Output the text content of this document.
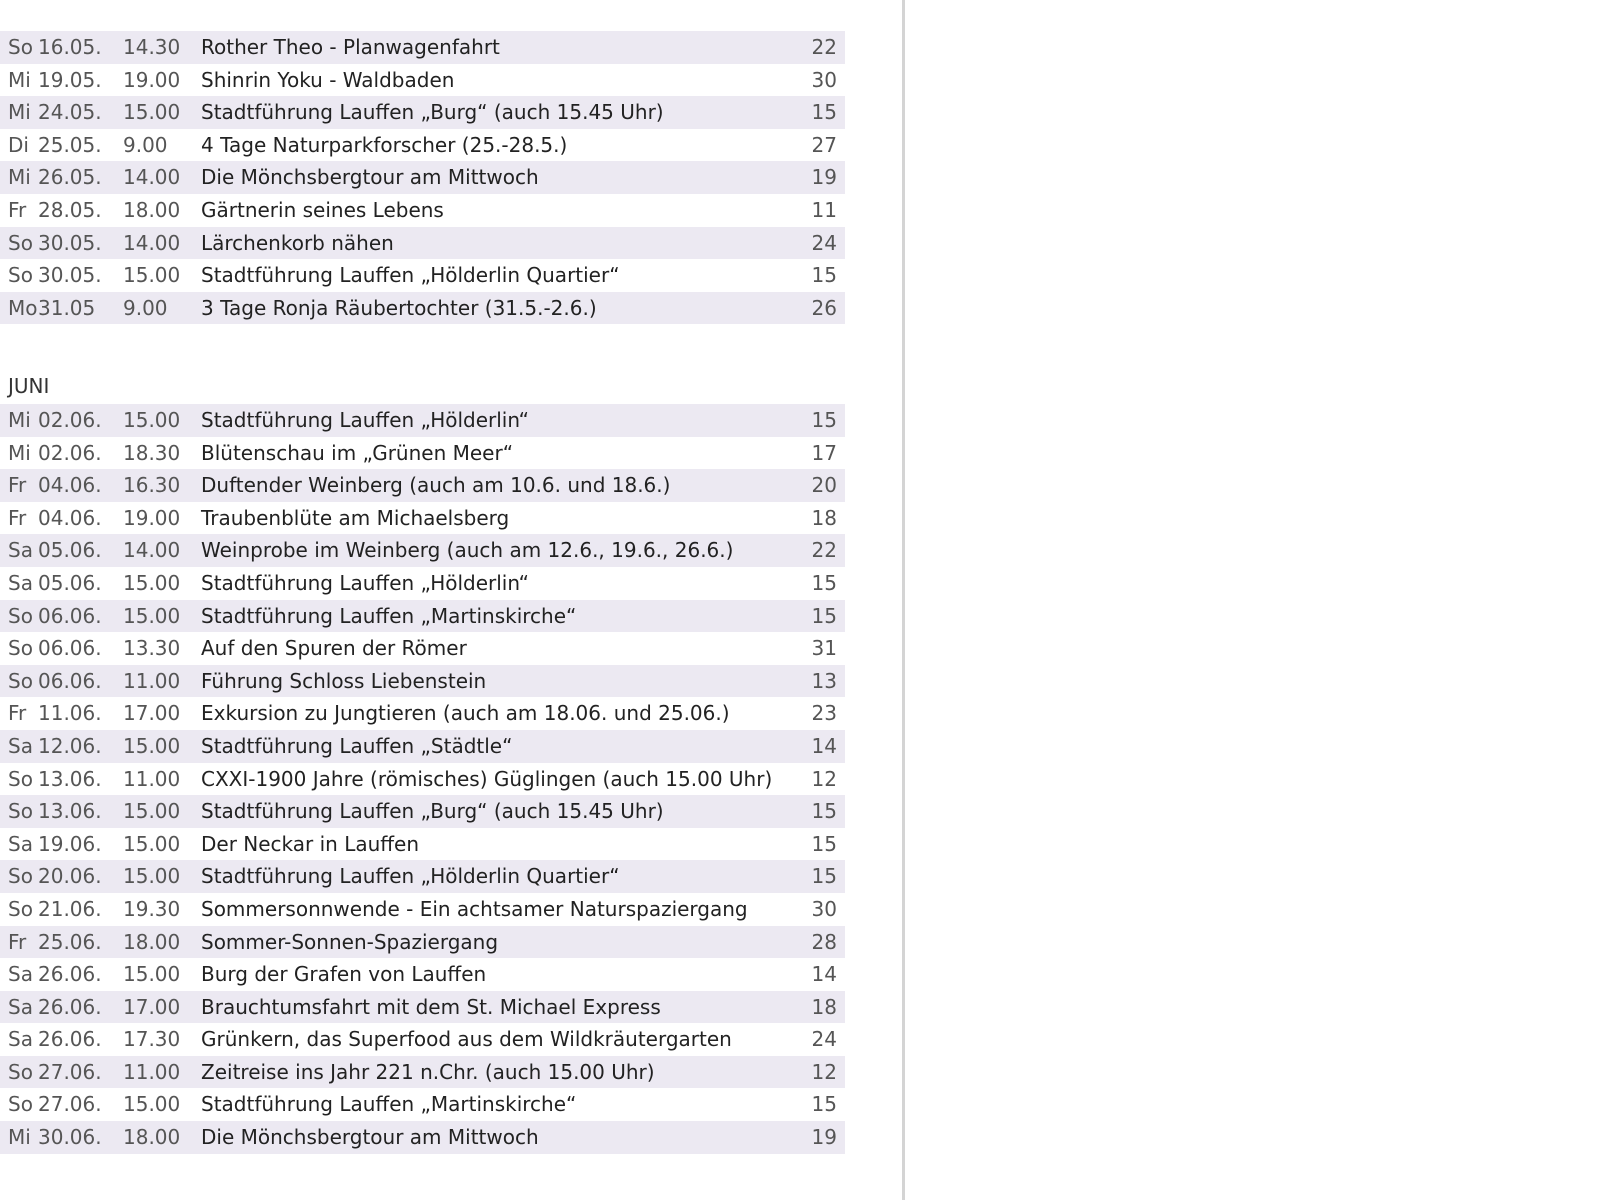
So 16.05. 14.30 Rother Theo - Planwagenfahrt	22
Mi 19.05. 19.00 Shinrin Yoku - Waldbaden	30
Mi 24.05. 15.00 Stadtführung Lauffen „Burg“ (auch 15.45 Uhr)	15
Di 25.05. 9.00 4 Tage Naturparkforscher (25.-28.5.)	27
Mi 26.05. 14.00 Die Mönchsbergtour am Mittwoch	19
Fr 28.05. 18.00 Gärtnerin seines Lebens	11
So 30.05. 14.00 Lärchenkorb nähen	24
So 30.05. 15.00 Stadtführung Lauffen „Hölderlin Quartier“	15
Mo 31.05 9.00 3 Tage Ronja Räubertochter (31.5.-2.6.)	26
JUNI
Mi 02.06. 15.00 Stadtführung Lauffen „Hölderlin“	15
Mi 02.06. 18.30 Blütenschau im „Grünen Meer“	17
Fr 04.06. 16.30 Duftender Weinberg (auch am 10.6. und 18.6.)	20
Fr 04.06. 19.00 Traubenblüte am Michaelsberg	18
Sa 05.06. 14.00 Weinprobe im Weinberg (auch am 12.6., 19.6., 26.6.)	22
Sa 05.06. 15.00 Stadtführung Lauffen „Hölderlin“	15
So 06.06. 15.00 Stadtführung Lauffen „Martinskirche“	15
So 06.06. 13.30 Auf den Spuren der Römer	31
So 06.06. 11.00 Führung Schloss Liebenstein	13
Fr 11.06. 17.00 Exkursion zu Jungtieren (auch am 18.06. und 25.06.)	23
Sa 12.06. 15.00 Stadtführung Lauffen „Städtle“	14
So 13.06. 11.00 CXXI-1900 Jahre (römisches) Güglingen (auch 15.00 Uhr) 12
So 13.06. 15.00 Stadtführung Lauffen „Burg“ (auch 15.45 Uhr)	15
Sa 19.06. 15.00 Der Neckar in Lauffen	15
So 20.06. 15.00 Stadtführung Lauffen „Hölderlin Quartier“	15
So 21.06. 19.30 Sommersonnwende - Ein achtsamer Naturspaziergang	30
Fr 25.06. 18.00 Sommer-Sonnen-Spaziergang	28
Sa 26.06. 15.00 Burg der Grafen von Lauffen	14
Sa 26.06. 17.00 Brauchtumsfahrt mit dem St. Michael Express	18
Sa 26.06. 17.30 Grünkern, das Superfood aus dem Wildkräutergarten	24
So 27.06. 11.00 Zeitreise ins Jahr 221 n.Chr. (auch 15.00 Uhr)	12
So 27.06. 15.00 Stadtführung Lauffen „Martinskirche“	15
Mi 30.06. 18.00 Die Mönchsbergtour am Mittwoch	19
